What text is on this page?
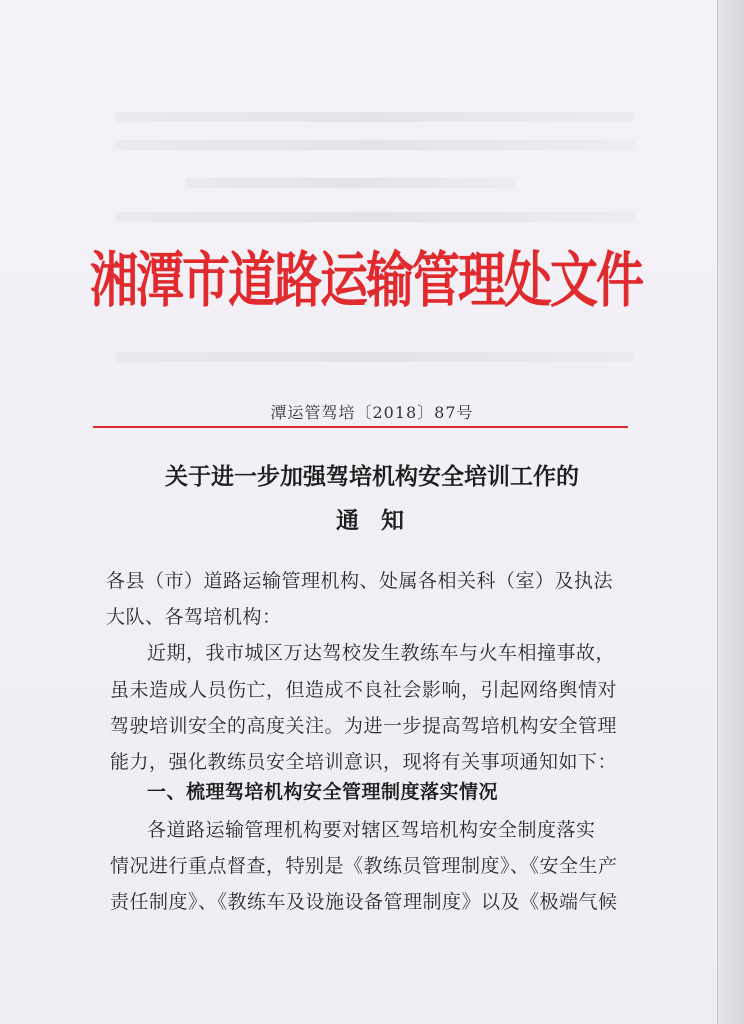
湘潭市道路运输管理处文件
潭运管驾培〔2018〕87号
关于进一步加强驾培机构安全培训工作的
通知
各县（市）道路运输管理机构、处属各相关科（室）及执法
大队、各驾培机构：
近期，我市城区万达驾校发生教练车与火车相撞事故，
虽未造成人员伤亡，但造成不良社会影响，引起网络舆情对
驾驶培训安全的高度关注。为进一步提高驾培机构安全管理
能力，强化教练员安全培训意识，现将有关事项通知如下：
一、梳理驾培机构安全管理制度落实情况
各道路运输管理机构要对辖区驾培机构安全制度落实
情况进行重点督查，特别是《教练员管理制度》、《安全生产
责任制度》、《教练车及设施设备管理制度》以及《极端气候
